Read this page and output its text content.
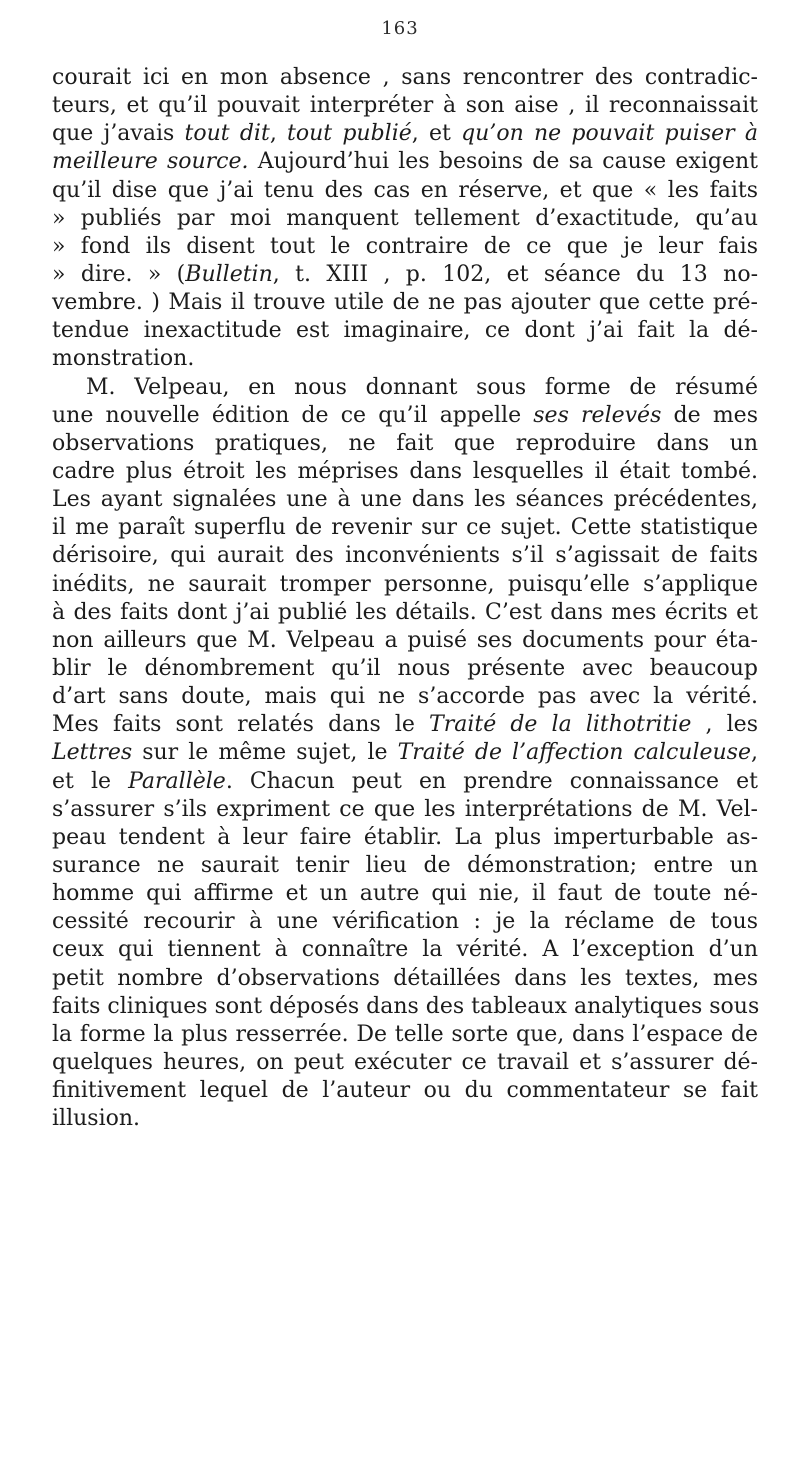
163
courait ici en mon absence , sans rencontrer des contradic-
teurs, et qu’il pouvait interpréter à son aise , il reconnaissait
que j’avais tout dit, tout publié, et qu’on ne pouvait puiser à
meilleure source. Aujourd’hui les besoins de sa cause exigent
qu’il dise que j’ai tenu des cas en réserve, et que « les faits
» publiés par moi manquent tellement d’exactitude, qu’au
» fond ils disent tout le contraire de ce que je leur fais
» dire. » (Bulletin, t. XIII , p. 102, et séance du 13 no-
vembre. ) Mais il trouve utile de ne pas ajouter que cette pré-
tendue inexactitude est imaginaire, ce dont j’ai fait la dé-
monstration.
M. Velpeau, en nous donnant sous forme de résumé
une nouvelle édition de ce qu’il appelle ses relevés de mes
observations pratiques, ne fait que reproduire dans un
cadre plus étroit les méprises dans lesquelles il était tombé.
Les ayant signalées une à une dans les séances précédentes,
il me paraît superflu de revenir sur ce sujet. Cette statistique
dérisoire, qui aurait des inconvénients s’il s’agissait de faits
inédits, ne saurait tromper personne, puisqu’elle s’applique
à des faits dont j’ai publié les détails. C’est dans mes écrits et
non ailleurs que M. Velpeau a puisé ses documents pour éta-
blir le dénombrement qu’il nous présente avec beaucoup
d’art sans doute, mais qui ne s’accorde pas avec la vérité.
Mes faits sont relatés dans le Traité de la lithotritie , les
Lettres sur le même sujet, le Traité de l’affection calculeuse,
et le Parallèle. Chacun peut en prendre connaissance et
s’assurer s’ils expriment ce que les interprétations de M. Vel-
peau tendent à leur faire établir. La plus imperturbable as-
surance ne saurait tenir lieu de démonstration; entre un
homme qui affirme et un autre qui nie, il faut de toute né-
cessité recourir à une vérification : je la réclame de tous
ceux qui tiennent à connaître la vérité. A l’exception d’un
petit nombre d’observations détaillées dans les textes, mes
faits cliniques sont déposés dans des tableaux analytiques sous
la forme la plus resserrée. De telle sorte que, dans l’espace de
quelques heures, on peut exécuter ce travail et s’assurer dé-
finitivement lequel de l’auteur ou du commentateur se fait
illusion.
